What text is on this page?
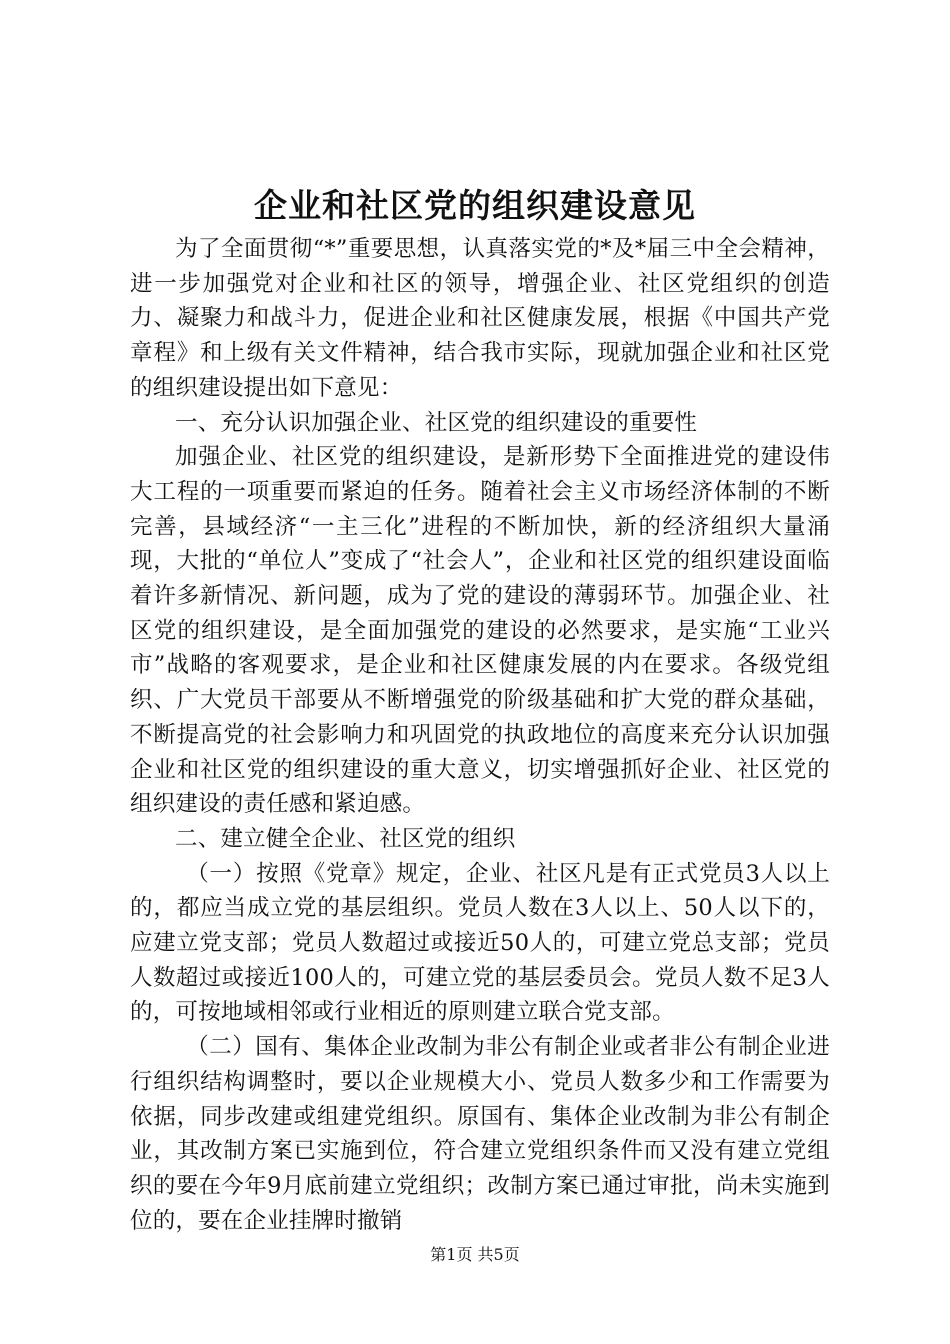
企业和社区党的组织建设意见

为了全面贯彻“*”重要思想，认真落实党的*及*届三中全会精神，进一步加强党对企业和社区的领导，增强企业、社区党组织的创造力、凝聚力和战斗力，促进企业和社区健康发展，根据《中国共产党章程》和上级有关文件精神，结合我市实际，现就加强企业和社区党的组织建设提出如下意见：

一、充分认识加强企业、社区党的组织建设的重要性

加强企业、社区党的组织建设，是新形势下全面推进党的建设伟大工程的一项重要而紧迫的任务。随着社会主义市场经济体制的不断完善，县域经济“一主三化”进程的不断加快，新的经济组织大量涌现，大批的“单位人”变成了“社会人”，企业和社区党的组织建设面临着许多新情况、新问题，成为了党的建设的薄弱环节。加强企业、社区党的组织建设，是全面加强党的建设的必然要求，是实施“工业兴市”战略的客观要求，是企业和社区健康发展的内在要求。各级党组织、广大党员干部要从不断增强党的阶级基础和扩大党的群众基础，不断提高党的社会影响力和巩固党的执政地位的高度来充分认识加强企业和社区党的组织建设的重大意义，切实增强抓好企业、社区党的组织建设的责任感和紧迫感。

二、建立健全企业、社区党的组织

（一）按照《党章》规定，企业、社区凡是有正式党员3人以上的，都应当成立党的基层组织。党员人数在3人以上、50人以下的，应建立党支部；党员人数超过或接近50人的，可建立党总支部；党员人数超过或接近100人的，可建立党的基层委员会。党员人数不足3人的，可按地域相邻或行业相近的原则建立联合党支部。

（二）国有、集体企业改制为非公有制企业或者非公有制企业进行组织结构调整时，要以企业规模大小、党员人数多少和工作需要为依据，同步改建或组建党组织。原国有、集体企业改制为非公有制企业，其改制方案已实施到位，符合建立党组织条件而又没有建立党组织的要在今年9月底前建立党组织；改制方案已通过审批，尚未实施到位的，要在企业挂牌时撤销

第1页 共5页
